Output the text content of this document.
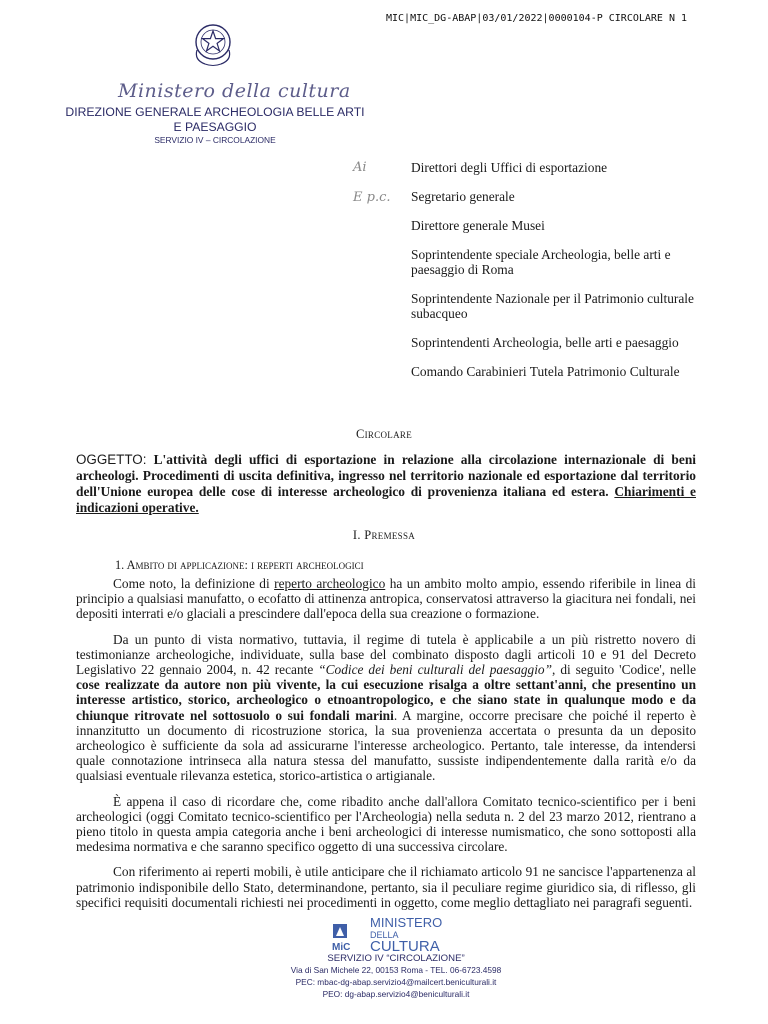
MIC|MIC_DG-ABAP|03/01/2022|0000104-P CIRCOLARE N 1
Ministero della cultura
DIREZIONE GENERALE ARCHEOLOGIA BELLE ARTI
E PAESAGGIO
SERVIZIO IV – CIRCOLAZIONE
Ai
E p.c.
Direttori degli Uffici di esportazione
Segretario generale
Direttore generale Musei
Soprintendente speciale Archeologia, belle arti e paesaggio di Roma
Soprintendente Nazionale per il Patrimonio culturale subacqueo
Soprintendenti Archeologia, belle arti e paesaggio
Comando Carabinieri Tutela Patrimonio Culturale
Circolare
OGGETTO: L'attività degli uffici di esportazione in relazione alla circolazione internazionale di beni archeologi. Procedimenti di uscita definitiva, ingresso nel territorio nazionale ed esportazione dal territorio dell'Unione europea delle cose di interesse archeologico di provenienza italiana ed estera. Chiarimenti e indicazioni operative.
I. Premessa
1. Ambito di applicazione: i reperti archeologici

Come noto, la definizione di reperto archeologico ha un ambito molto ampio, essendo riferibile in linea di principio a qualsiasi manufatto, o ecofatto di attinenza antropica, conservatosi attraverso la giacitura nei fondali, nei depositi interrati e/o glaciali a prescindere dall'epoca della sua creazione o formazione.

Da un punto di vista normativo, tuttavia, il regime di tutela è applicabile a un più ristretto novero di testimonianze archeologiche, individuate, sulla base del combinato disposto dagli articoli 10 e 91 del Decreto Legislativo 22 gennaio 2004, n. 42 recante “Codice dei beni culturali del paesaggio”, di seguito 'Codice', nelle cose realizzate da autore non più vivente, la cui esecuzione risalga a oltre settant'anni, che presentino un interesse artistico, storico, archeologico o etnoantropologico, e che siano state in qualunque modo e da chiunque ritrovate nel sottosuolo o sui fondali marini. A margine, occorre precisare che poiché il reperto è innanzitutto un documento di ricostruzione storica, la sua provenienza accertata o presunta da un deposito archeologico è sufficiente da sola ad assicurarne l'interesse archeologico. Pertanto, tale interesse, da intendersi quale connotazione intrinseca alla natura stessa del manufatto, sussiste indipendentemente dalla rarità e/o da qualsiasi eventuale rilevanza estetica, storico-artistica o artigianale.

È appena il caso di ricordare che, come ribadito anche dall'allora Comitato tecnico-scientifico per i beni archeologici (oggi Comitato tecnico-scientifico per l'Archeologia) nella seduta n. 2 del 23 marzo 2012, rientrano a pieno titolo in questa ampia categoria anche i beni archeologici di interesse numismatico, che sono sottoposti alla medesima normativa e che saranno specifico oggetto di una successiva circolare.

Con riferimento ai reperti mobili, è utile anticipare che il richiamato articolo 91 ne sancisce l'appartenenza al patrimonio indisponibile dello Stato, determinandone, pertanto, sia il peculiare regime giuridico sia, di riflesso, gli specifici requisiti documentali richiesti nei procedimenti in oggetto, come meglio dettagliato nei paragrafi seguenti.

MiC
MINISTERO
DELLA
CULTURA
SERVIZIO IV “CIRCOLAZIONE”
Via di San Michele 22, 00153 Roma - TEL. 06-6723.4598
PEC: mbac-dg-abap.servizio4@mailcert.beniculturali.it
PEO: dg-abap.servizio4@beniculturali.it
